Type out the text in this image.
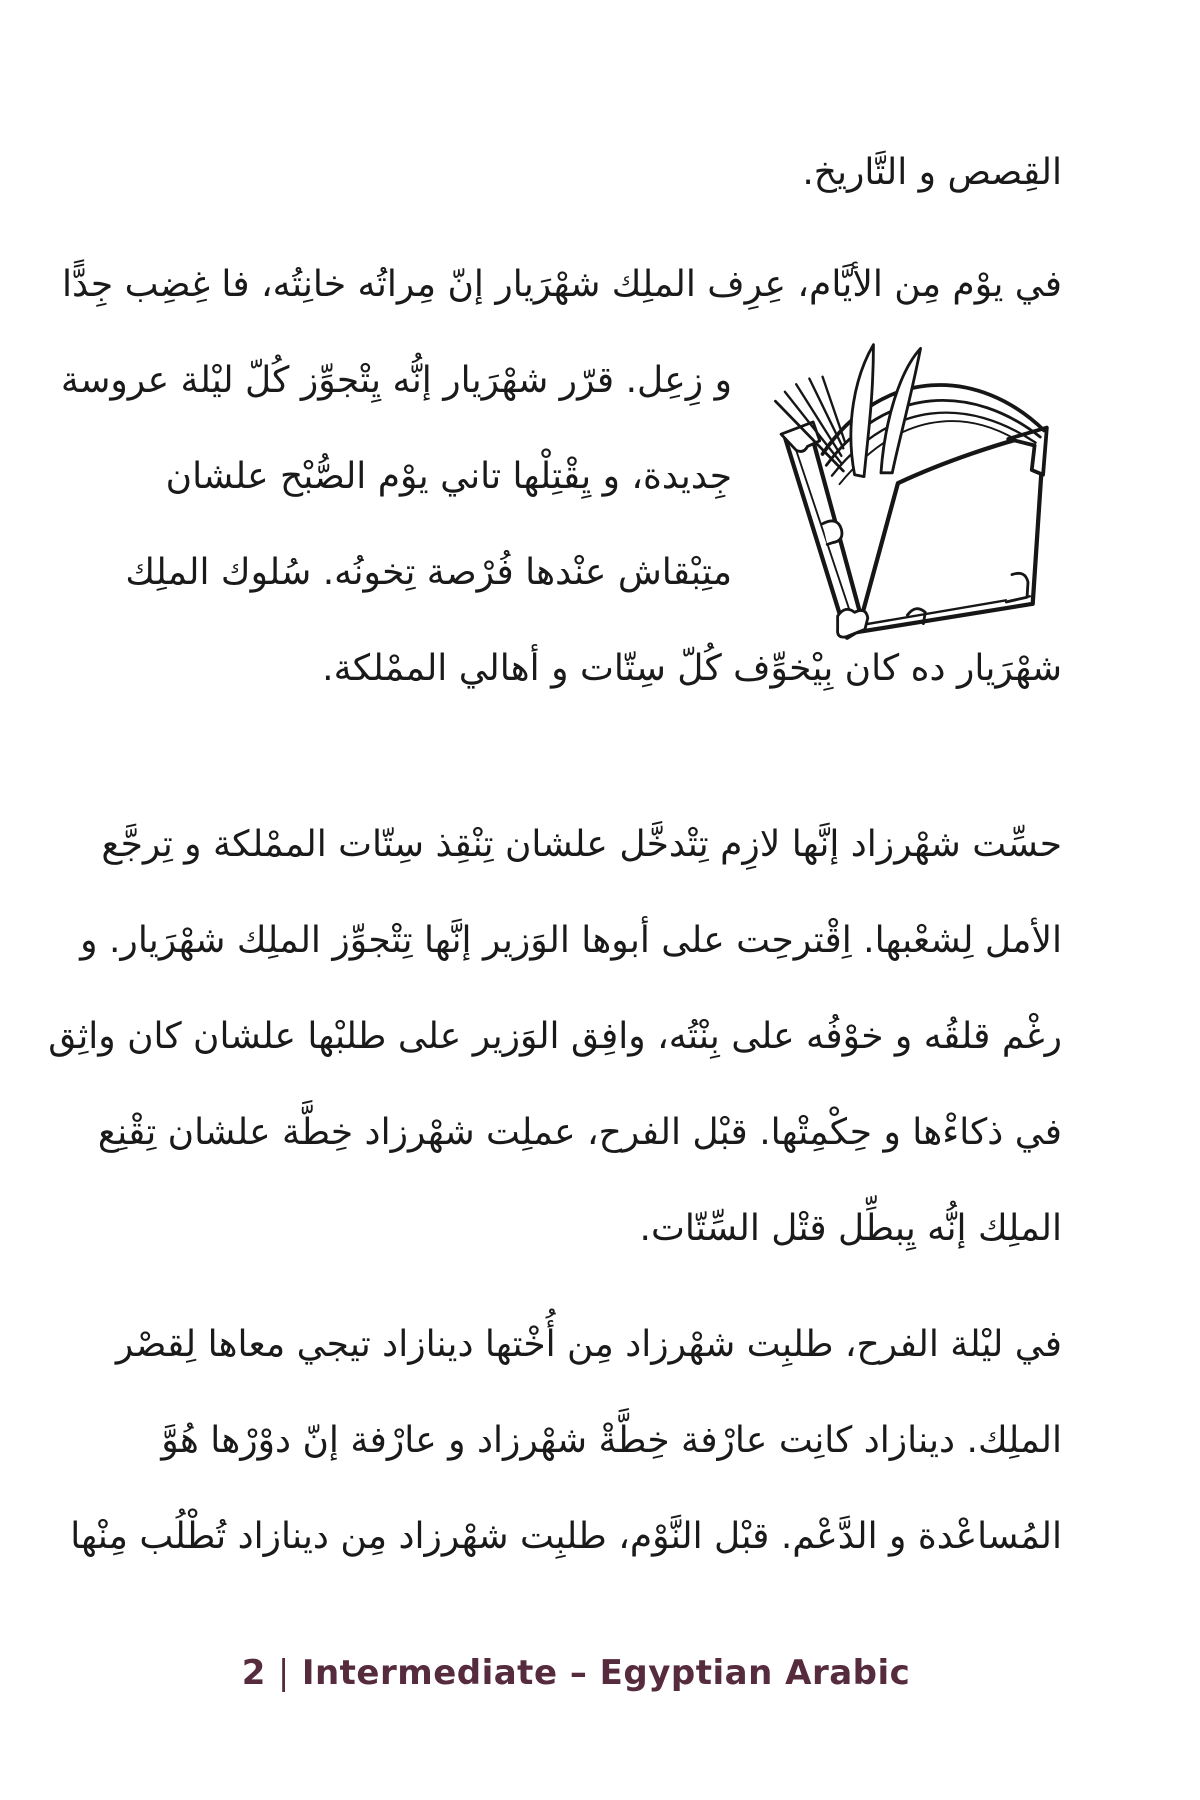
القصص و التاريخ.
في يوم من الأيام، عرف الملك شهريار إن مراته خانته، فا غضب جدا
و زعل. قرر شهريار إنه يتجوز كل ليلة عروسة
جديدة، و يقتلها تاني يوم الصبح علشان
متبقاش عندها فرصة تخونه. سلوك الملك
شهريار ده كان بيخوف كل ستات و أهالي المملكة.
حست شهرزاد إنها لازم تتدخل علشان تنقذ ستات المملكة و ترجع
الأمل لشعبها. اقترحت على أبوها الوزير إنها تتجوز الملك شهريار. و
رغم قلقه و خوفه على بنته، وافق الوزير على طلبها علشان كان واثق
في ذكاءها و حكمتها. قبل الفرح، عملت شهرزاد خطة علشان تقنع
الملك إنه يبطل قتل الستات.
في ليلة الفرح، طلبت شهرزاد من أختها دينازاد تيجي معاها لقصر
الملك. دينازاد كانت عارفة خطة شهرزاد و عارفة إن دورها هو
المساعدة و الدعم. قبل النوم، طلبت شهرزاد من دينازاد تطلب منها
2 | Intermediate – Egyptian Arabic
